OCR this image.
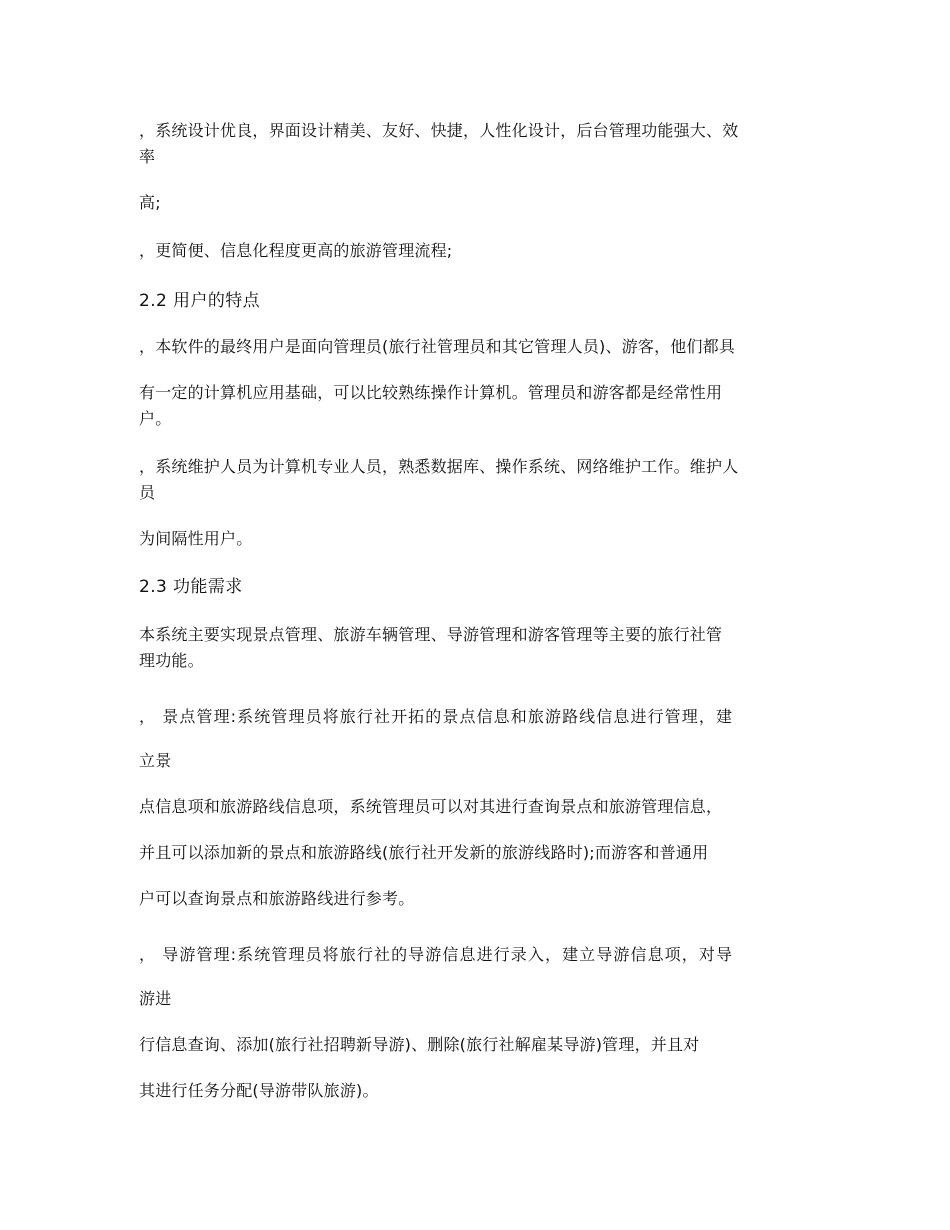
，系统设计优良，界面设计精美、友好、快捷，人性化设计，后台管理功能强大、效
率
高;
，更简便、信息化程度更高的旅游管理流程;
2.2 用户的特点
，本软件的最终用户是面向管理员(旅行社管理员和其它管理人员)、游客，他们都具
有一定的计算机应用基础，可以比较熟练操作计算机。管理员和游客都是经常性用
户。
，系统维护人员为计算机专业人员，熟悉数据库、操作系统、网络维护工作。维护人
员
为间隔性用户。
2.3 功能需求
本系统主要实现景点管理、旅游车辆管理、导游管理和游客管理等主要的旅行社管
理功能。
， 景点管理:系统管理员将旅行社开拓的景点信息和旅游路线信息进行管理，建
立景
点信息项和旅游路线信息项，系统管理员可以对其进行查询景点和旅游管理信息，
并且可以添加新的景点和旅游路线(旅行社开发新的旅游线路时);而游客和普通用
户可以查询景点和旅游路线进行参考。
， 导游管理:系统管理员将旅行社的导游信息进行录入，建立导游信息项，对导
游进
行信息查询、添加(旅行社招聘新导游)、删除(旅行社解雇某导游)管理，并且对
其进行任务分配(导游带队旅游)。
